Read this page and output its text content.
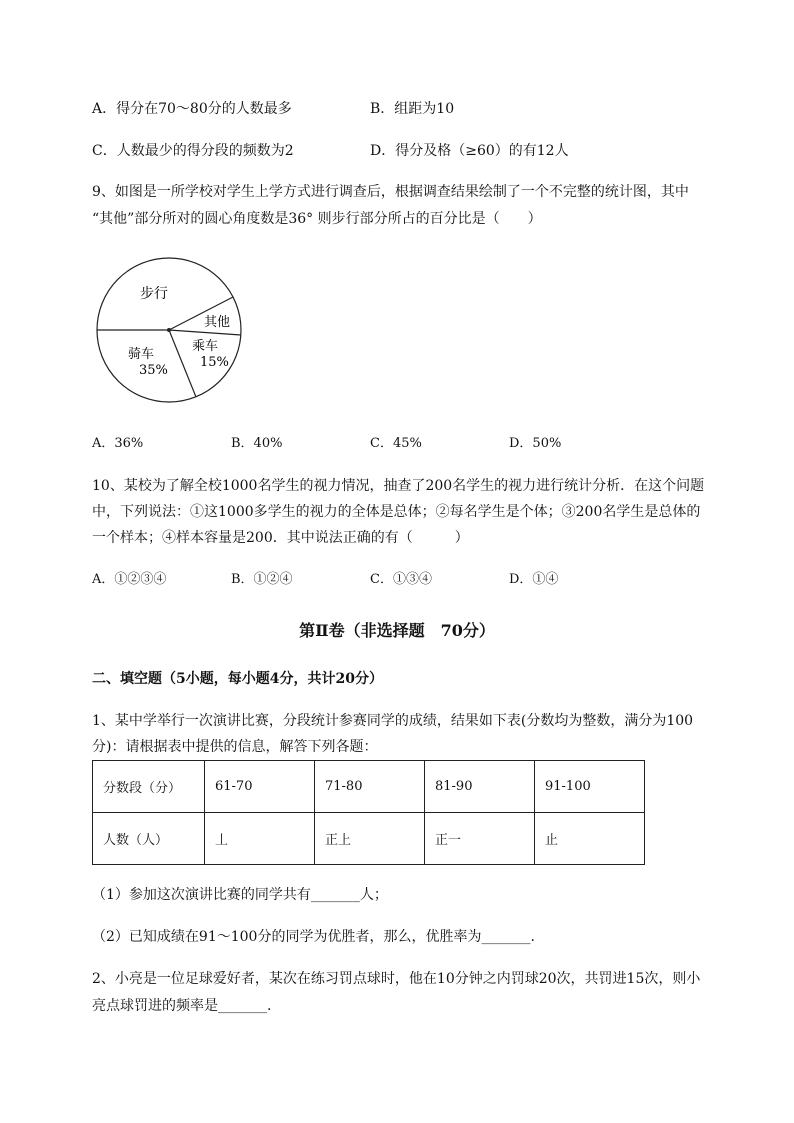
A．得分在70～80分的人数最多	B．组距为10
C．人数最少的得分段的频数为2	D．得分及格（≥60）的有12人
9、如图是一所学校对学生上学方式进行调查后，根据调查结果绘制了一个不完整的统计图，其中
“其他”部分所对的圆心角度数是36° 则步行部分所占的百分比是（　　）
步行
其他
乘车
15%
骑车
35%
A．36%	B．40%	C．45%	D．50%
10、某校为了解全校1000名学生的视力情况，抽查了200名学生的视力进行统计分析．在这个问题
中，下列说法：①这1000多学生的视力的全体是总体；②每名学生是个体；③200名学生是总体的
一个样本；④样本容量是200．其中说法正确的有（　　　）
A．①②③④	B．①②④	C．①③④	D．①④
第Ⅱ卷（非选择题　70分）
二、填空题（5小题，每小题4分，共计20分）
1、某中学举行一次演讲比赛，分段统计参赛同学的成绩，结果如下表(分数均为整数，满分为100
分)：请根据表中提供的信息，解答下列各题：
分数段（分）	61-70	71-80	81-90	91-100
人数（人）	丄	正上	正一	止
（1）参加这次演讲比赛的同学共有_______人；
（2）已知成绩在91～100分的同学为优胜者，那么，优胜率为_______.
2、小亮是一位足球爱好者，某次在练习罚点球时，他在10分钟之内罚球20次，共罚进15次，则小
亮点球罚进的频率是_______.
